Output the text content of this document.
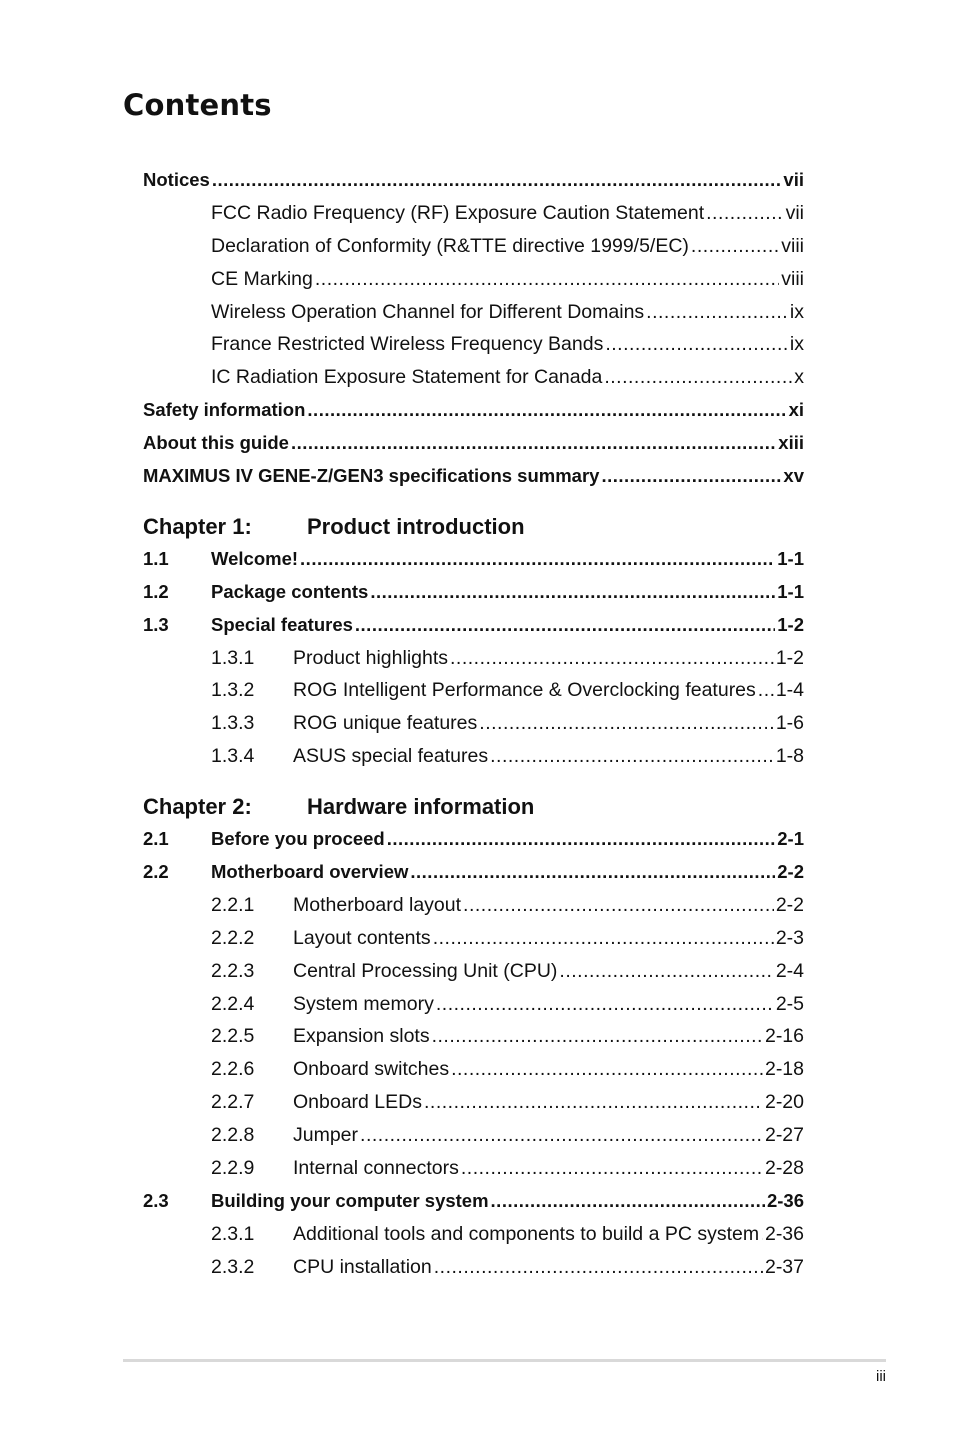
Contents
Notices .....	vii
FCC Radio Frequency (RF) Exposure Caution Statement .....	vii
Declaration of Conformity (R&TTE directive 1999/5/EC) .....	viii
CE Marking .....	viii
Wireless Operation Channel for Different Domains .....	ix
France Restricted Wireless Frequency Bands .....	ix
IC Radiation Exposure Statement for Canada .....	x
Safety information .....	xi
About this guide .....	xiii
MAXIMUS IV GENE-Z/GEN3 specifications summary .....	xv
Chapter 1:	Product introduction
1.1	Welcome! .....	1-1
1.2	Package contents .....	1-1
1.3	Special features .....	1-2
1.3.1	Product highlights .....	1-2
1.3.2	ROG Intelligent Performance & Overclocking features ..... 1-4
1.3.3	ROG unique features .....	1-6
1.3.4	ASUS special features .....	1-8
Chapter 2:	Hardware information
2.1	Before you proceed .....	2-1
2.2	Motherboard overview .....	2-2
2.2.1	Motherboard layout .....	2-2
2.2.2	Layout contents .....	2-3
2.2.3	Central Processing Unit (CPU) .....	2-4
2.2.4	System memory .....	2-5
2.2.5	Expansion slots .....	2-16
2.2.6	Onboard switches .....	2-18
2.2.7	Onboard LEDs .....	2-20
2.2.8	Jumper .....	2-27
2.2.9	Internal connectors .....	2-28
2.3	Building your computer system .....	2-36
2.3.1	Additional tools and components to build a PC system ..... 2-36
2.3.2	CPU installation .....	2-37
iii
